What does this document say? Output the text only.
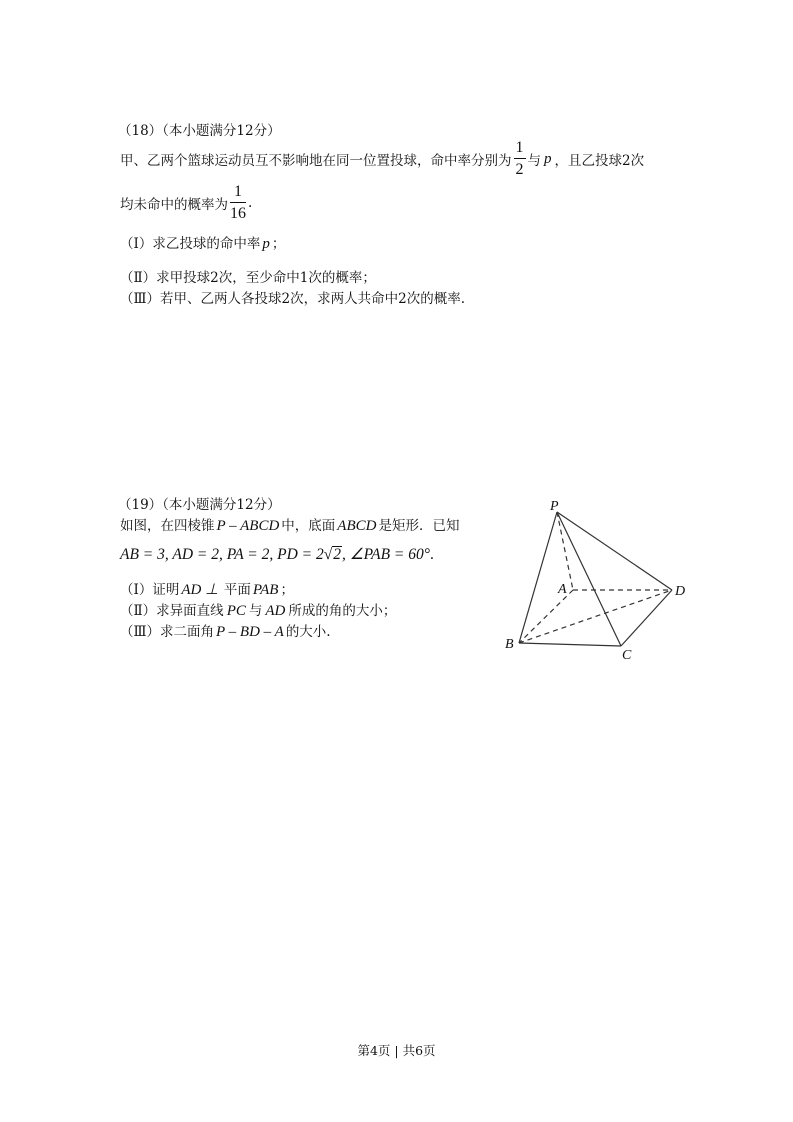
（18）（本小题满分12分）
甲、乙两个篮球运动员互不影响地在同一位置投球，命中率分别为 $\frac{1}{2}$ 与 p ，且乙投球2次
均未命中的概率为 $\frac{1}{16}$ .
（Ⅰ）求乙投球的命中率 p ；
（Ⅱ）求甲投球2次，至少命中1次的概率；
（Ⅲ）若甲、乙两人各投球2次，求两人共命中2次的概率.
（19）（本小题满分12分）
如图，在四棱锥 P – ABCD 中，底面 ABCD 是矩形．已知
AB = 3, AD = 2, PA = 2, PD = 2√2, ∠PAB = 60°.
（Ⅰ）证明 AD ⊥ 平面 PAB ；
（Ⅱ）求异面直线 PC 与 AD 所成的角的大小；
（Ⅲ）求二面角 P – BD – A 的大小.
P
A
B
C
D
第4页 | 共6页
